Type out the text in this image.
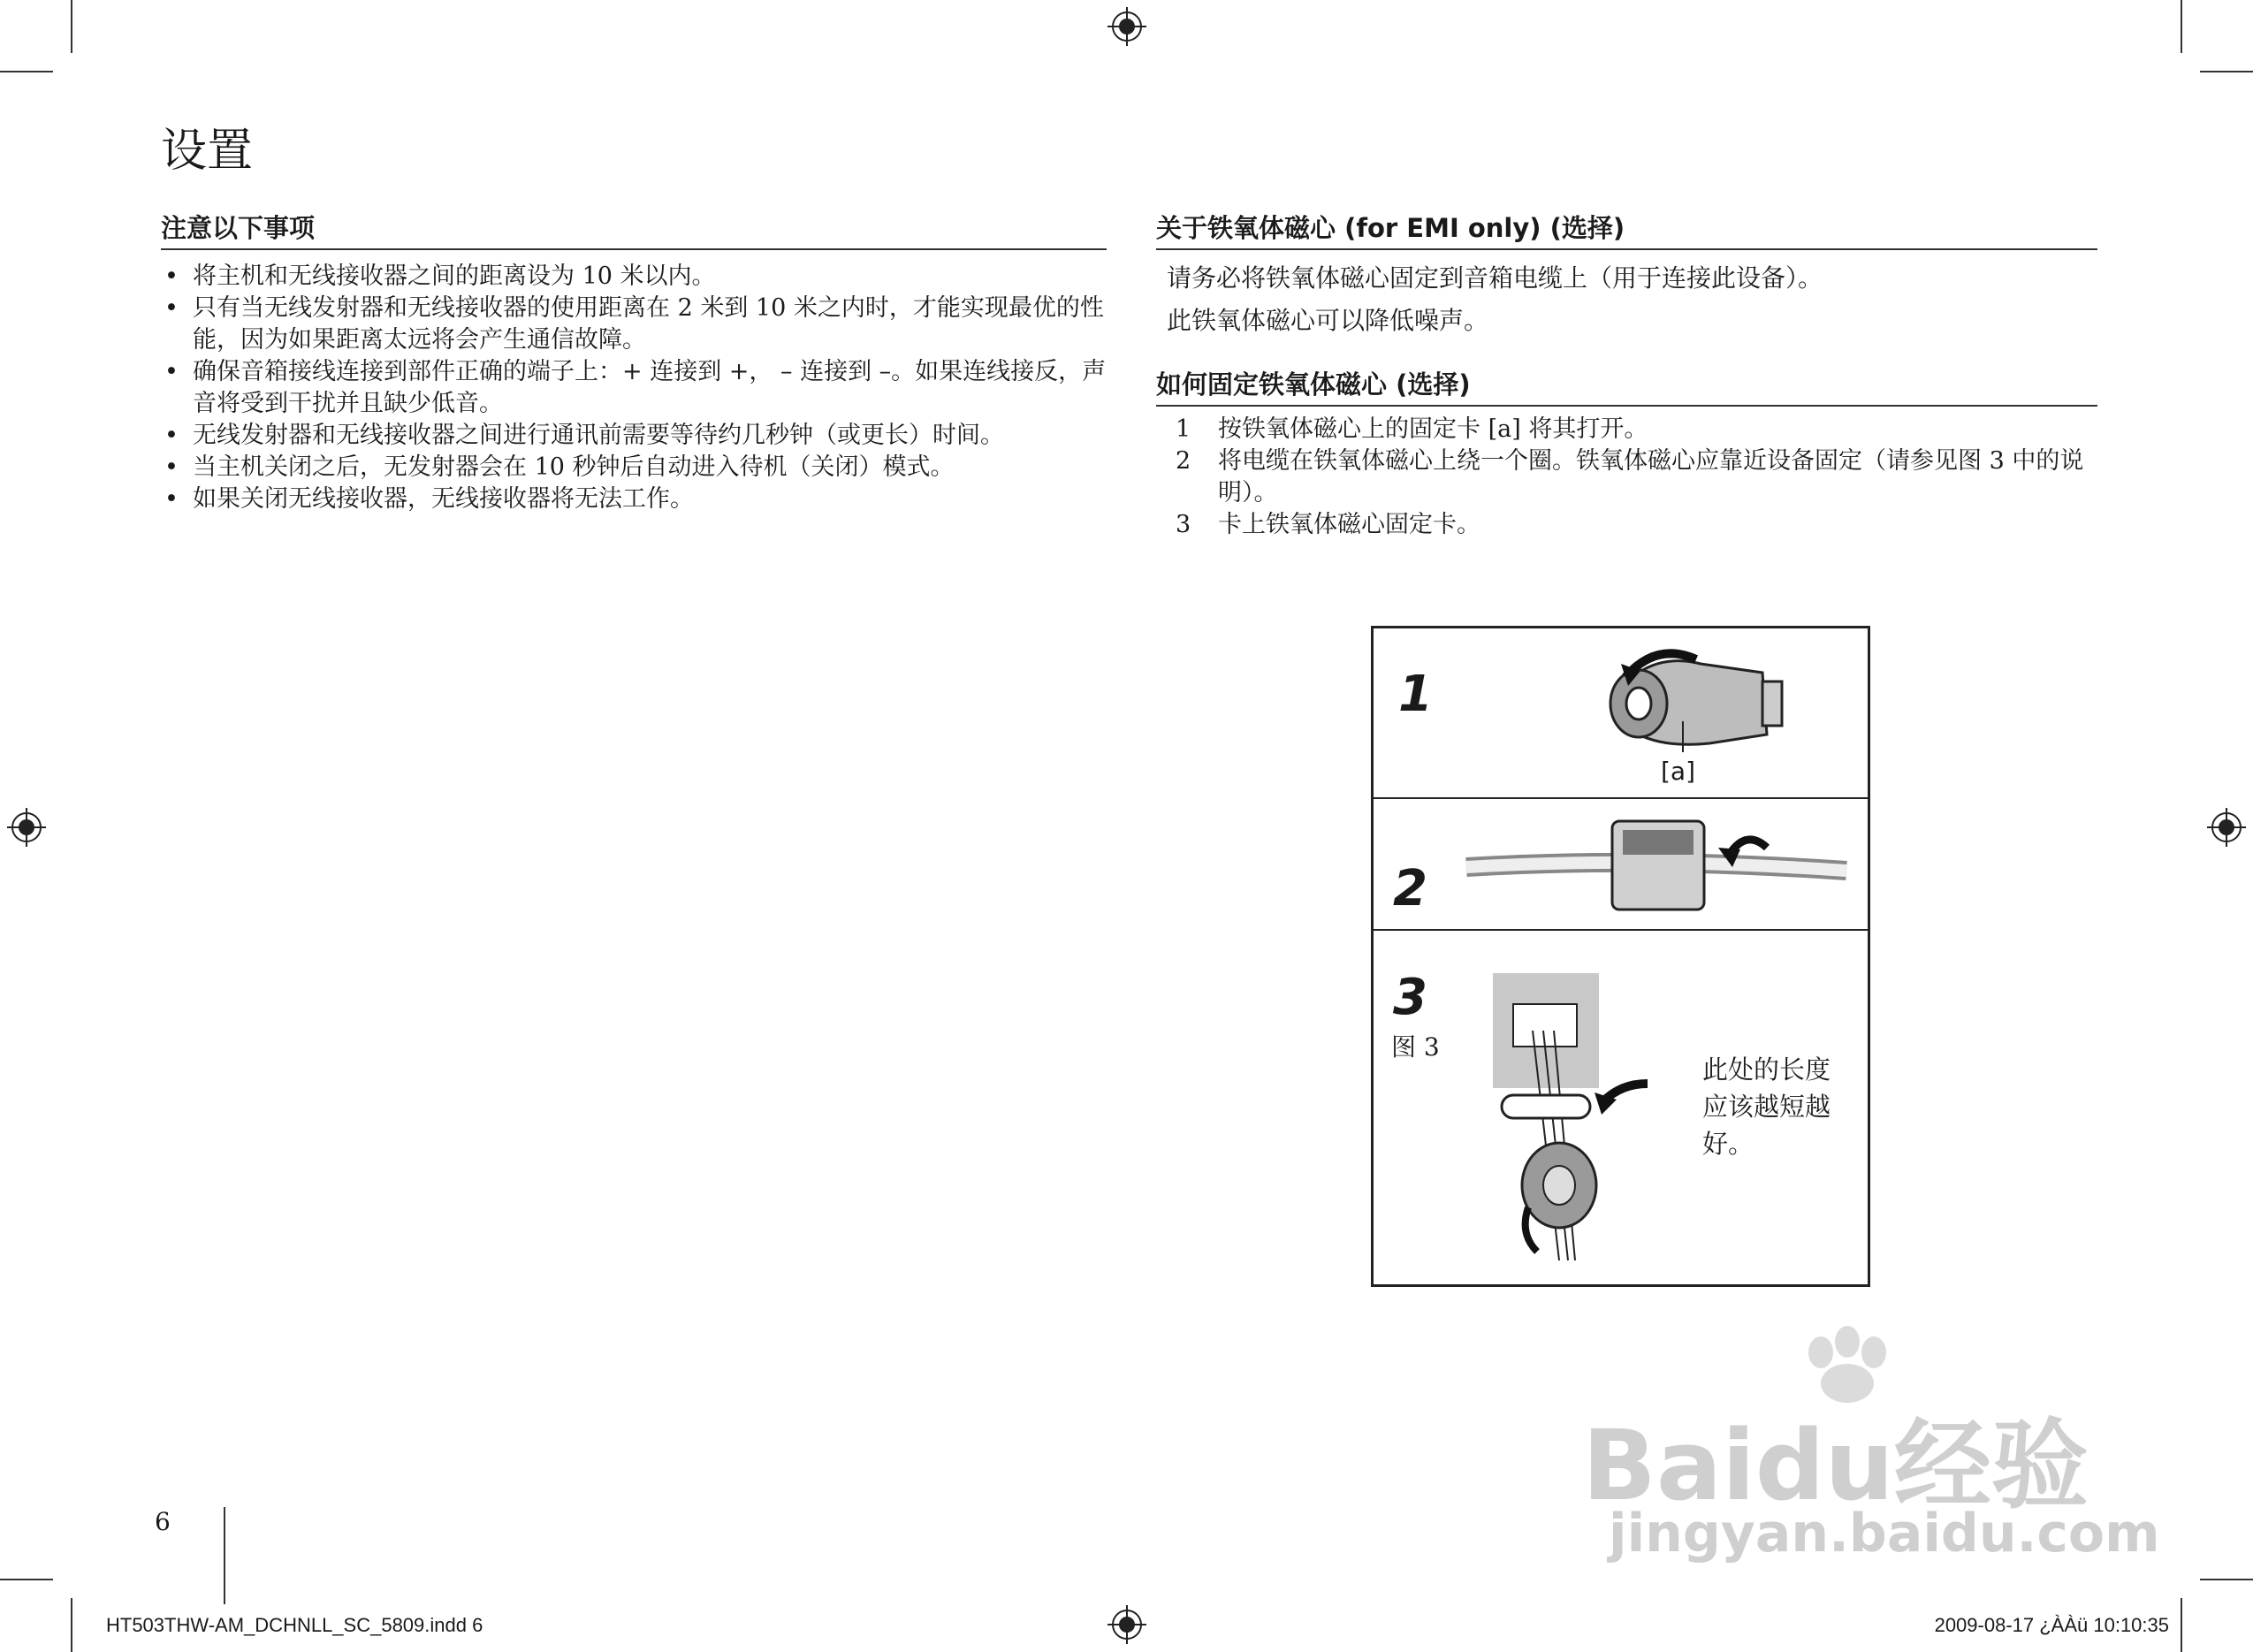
设置
注意以下事项
• 将主机和无线接收器之间的距离设为 10 米以内。
• 只有当无线发射器和无线接收器的使用距离在 2 米到 10 米之内时，才能实现最优的性能，因为如果距离太远将会产生通信故障。
• 确保音箱接线连接到部件正确的端子上：+ 连接到 +， – 连接到 –。如果连线接反，声音将受到干扰并且缺少低音。
• 无线发射器和无线接收器之间进行通讯前需要等待约几秒钟（或更长）时间。
• 当主机关闭之后，无发射器会在 10 秒钟后自动进入待机（关闭）模式。
• 如果关闭无线接收器，无线接收器将无法工作。
关于铁氧体磁心 (for EMI only) (选择)
请务必将铁氧体磁心固定到音箱电缆上（用于连接此设备）。
此铁氧体磁心可以降低噪声。
如何固定铁氧体磁心 (选择)
1 按铁氧体磁心上的固定卡 [a] 将其打开。
2 将电缆在铁氧体磁心上绕一个圈。铁氧体磁心应靠近设备固定（请参见图 3 中的说明）。
3 卡上铁氧体磁心固定卡。
1
[a]
2
3
图 3
此处的长度
应该越短越
好。
6
HT503THW-AM_DCHNLL_SC_5809.indd 6	2009-08-17 ¿ÀÀü 10:10:35
Baidu经验
jingyan.baidu.com
